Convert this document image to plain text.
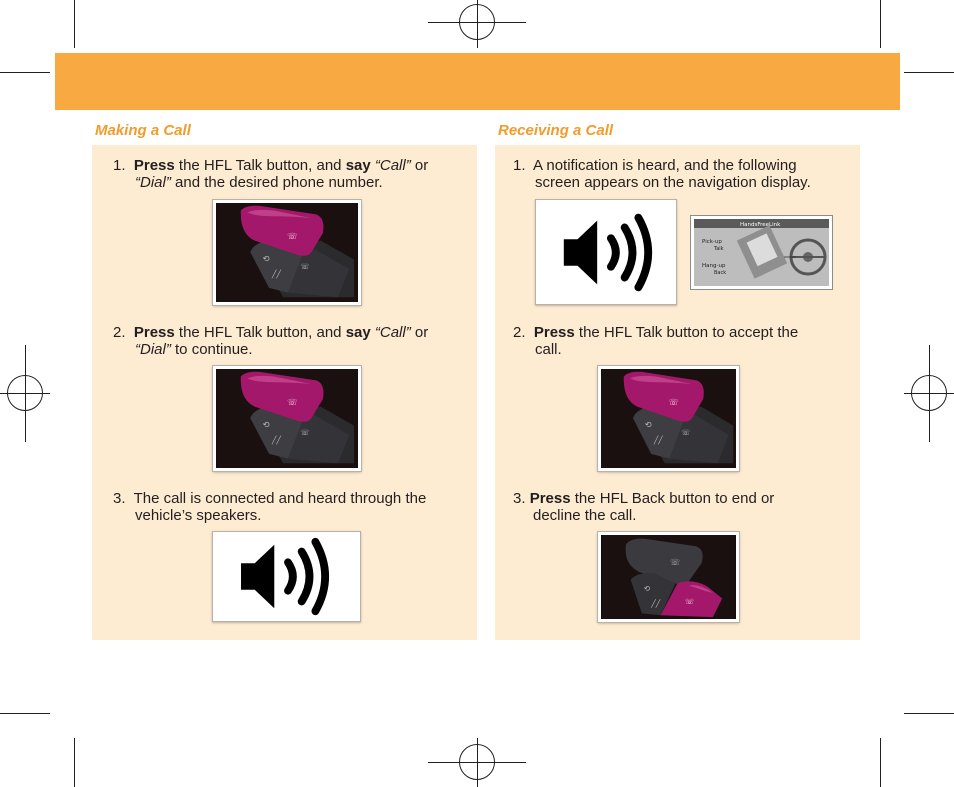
Making a Call	Receiving a Call
1. Press the HFL Talk button, and say “Call” or
“Dial” and the desired phone number.
☏
⟲
╱╱
☏
2. Press the HFL Talk button, and say “Call” or
“Dial” to continue.
☏
⟲
╱╱
☏
3. The call is connected and heard through the
vehicle’s speakers.
1. A notification is heard, and the following
screen appears on the navigation display.
HandsFreeLink
Pick-up
Talk
Hang-up
Back
2. Press the HFL Talk button to accept the
call.
☏
⟲
╱╱
☏
3. Press the HFL Back button to end or
decline the call.
☏
⟲
╱╱	☏
